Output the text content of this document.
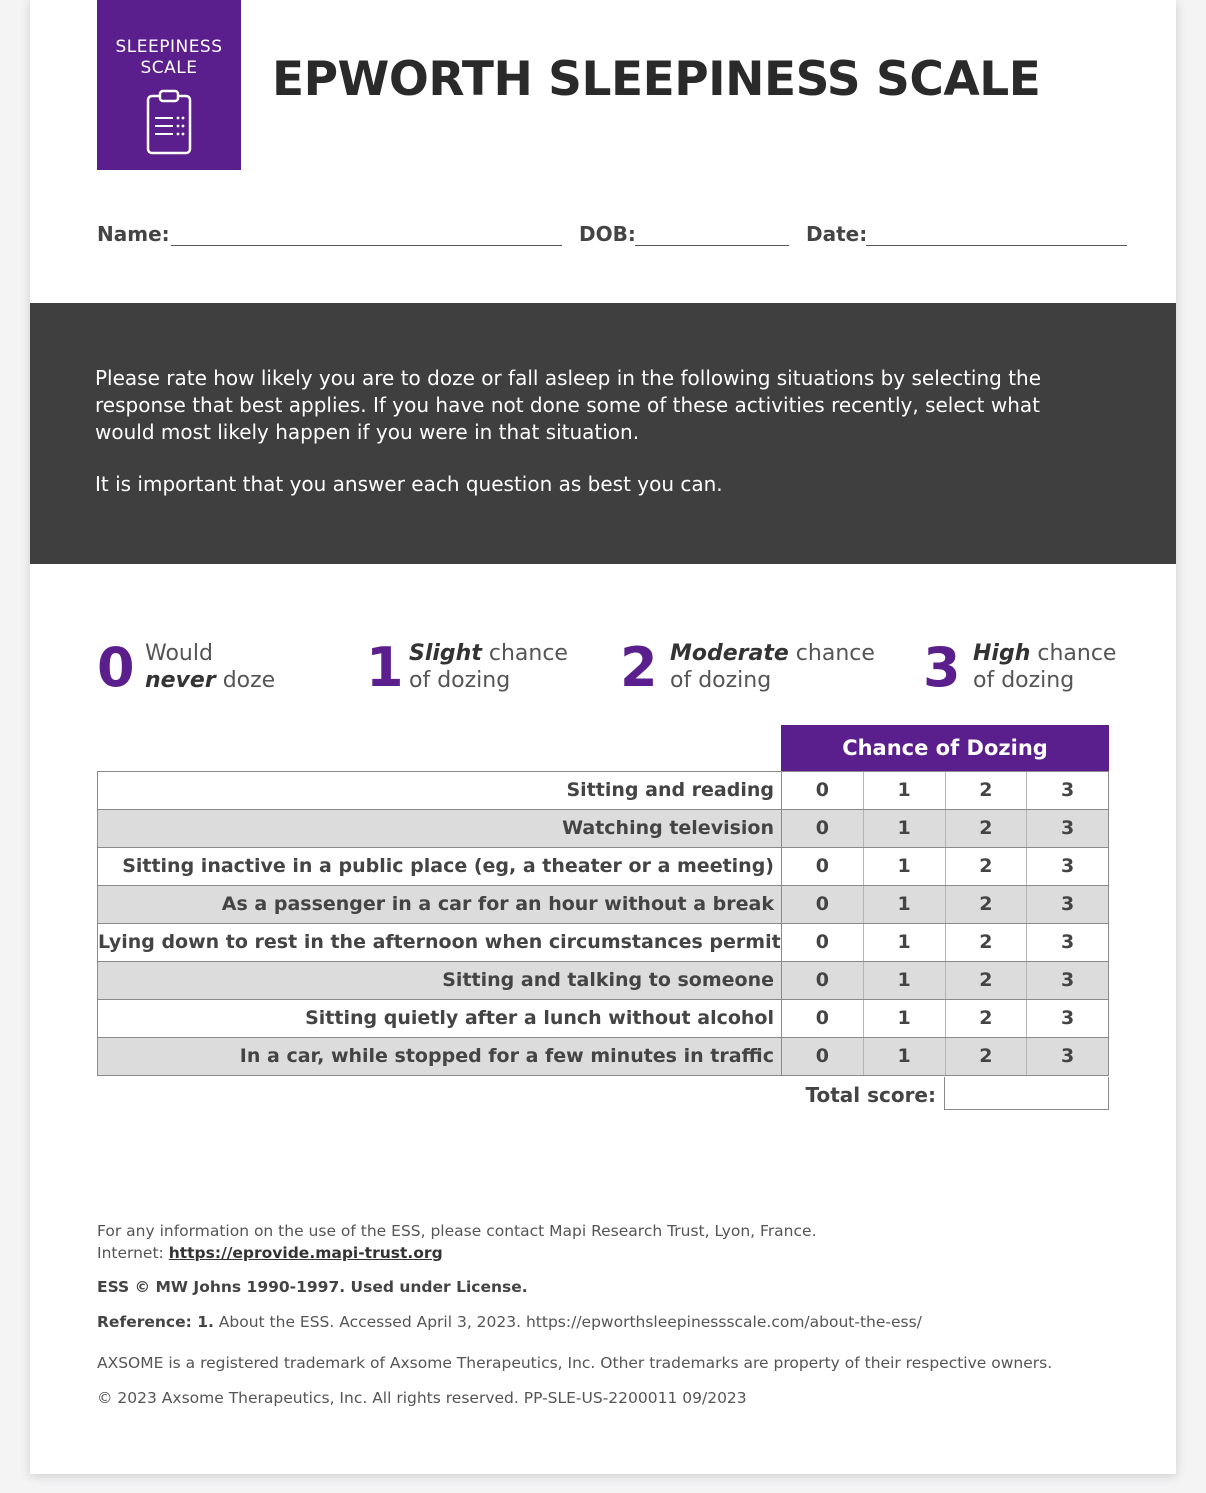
SLEEPINESS
SCALE	EPWORTH SLEEPINESS SCALE
Name:	DOB:	Date:

Please rate how likely you are to doze or fall asleep in the following situations by selecting the response that best applies. If you have not done some of these activities recently, select what would most likely happen if you were in that situation.

It is important that you answer each question as best you can.

0 Would
never doze 1 Slight chance
of dozing	2 Moderate chance
of dozing	3 High chance
of dozing
Chance of Dozing
Sitting and reading	0	1	2	3
Watching television	0	1	2	3
Sitting inactive in a public place (eg, a theater or a meeting)	0	1	2	3
As a passenger in a car for an hour without a break	0	1	2	3
Lying down to rest in the afternoon when circumstances permit	0	1	2	3
Sitting and talking to someone	0	1	2	3
Sitting quietly after a lunch without alcohol	0	1	2	3
In a car, while stopped for a few minutes in traffic	0	1	2	3
Total score:
For any information on the use of the ESS, please contact Mapi Research Trust, Lyon, France.
Internet: https://eprovide.mapi-trust.org
ESS © MW Johns 1990-1997. Used under License.
Reference: 1. About the ESS. Accessed April 3, 2023. https://epworthsleepinessscale.com/about-the-ess/
AXSOME is a registered trademark of Axsome Therapeutics, Inc. Other trademarks are property of their respective owners.
© 2023 Axsome Therapeutics, Inc. All rights reserved. PP-SLE-US-2200011 09/2023
